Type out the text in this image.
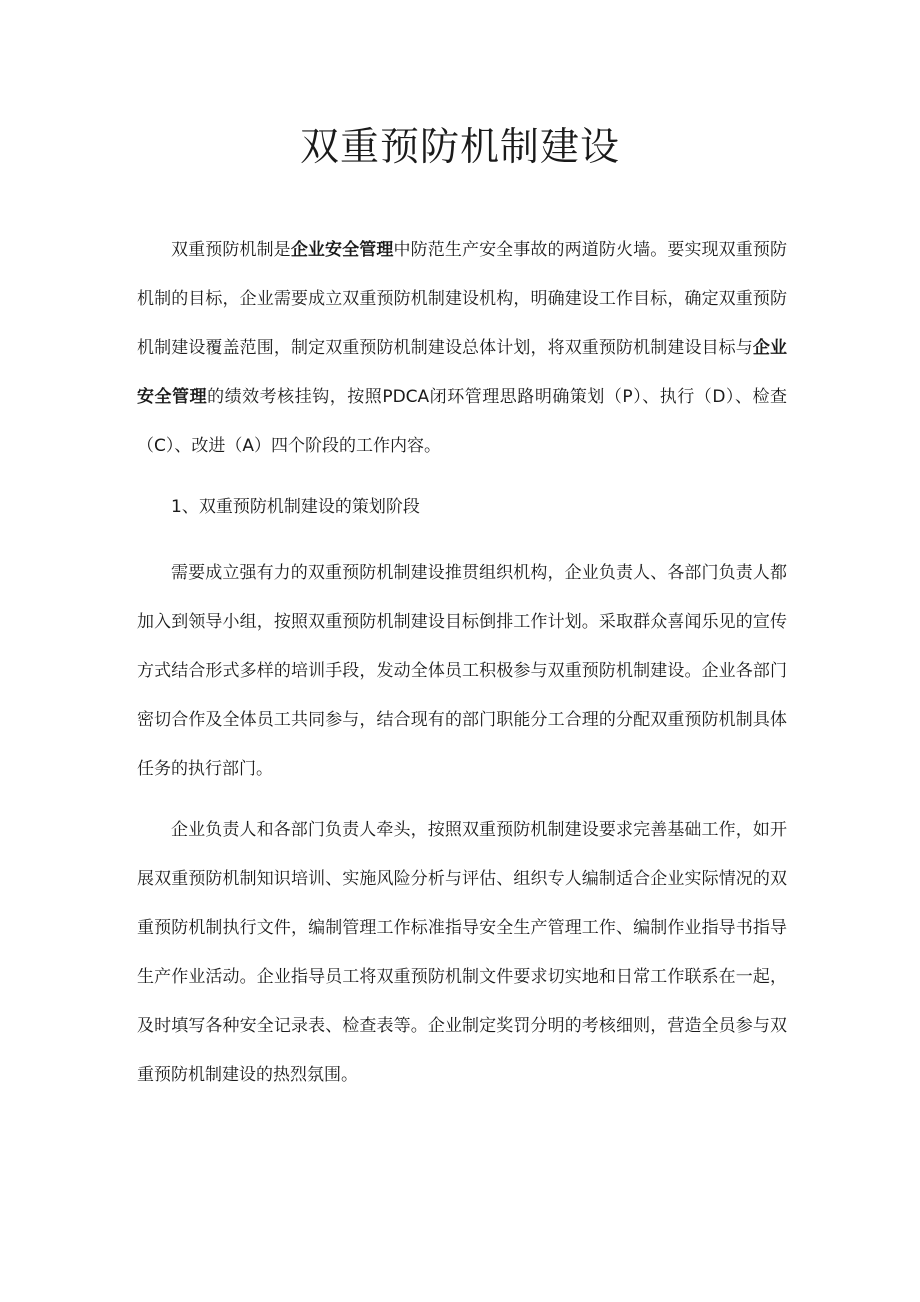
双重预防机制建设

双重预防机制是企业安全管理中防范生产安全事故的两道防火墙。要实现双重预防机制的目标，企业需要成立双重预防机制建设机构，明确建设工作目标，确定双重预防机制建设覆盖范围，制定双重预防机制建设总体计划，将双重预防机制建设目标与企业安全管理的绩效考核挂钩，按照PDCA闭环管理思路明确策划（P）、执行（D）、检查（C）、改进（A）四个阶段的工作内容。

1、双重预防机制建设的策划阶段

需要成立强有力的双重预防机制建设推贯组织机构，企业负责人、各部门负责人都加入到领导小组，按照双重预防机制建设目标倒排工作计划。采取群众喜闻乐见的宣传方式结合形式多样的培训手段，发动全体员工积极参与双重预防机制建设。企业各部门密切合作及全体员工共同参与，结合现有的部门职能分工合理的分配双重预防机制具体任务的执行部门。

企业负责人和各部门负责人牵头，按照双重预防机制建设要求完善基础工作，如开展双重预防机制知识培训、实施风险分析与评估、组织专人编制适合企业实际情况的双重预防机制执行文件，编制管理工作标准指导安全生产管理工作、编制作业指导书指导生产作业活动。企业指导员工将双重预防机制文件要求切实地和日常工作联系在一起，及时填写各种安全记录表、检查表等。企业制定奖罚分明的考核细则，营造全员参与双重预防机制建设的热烈氛围。
